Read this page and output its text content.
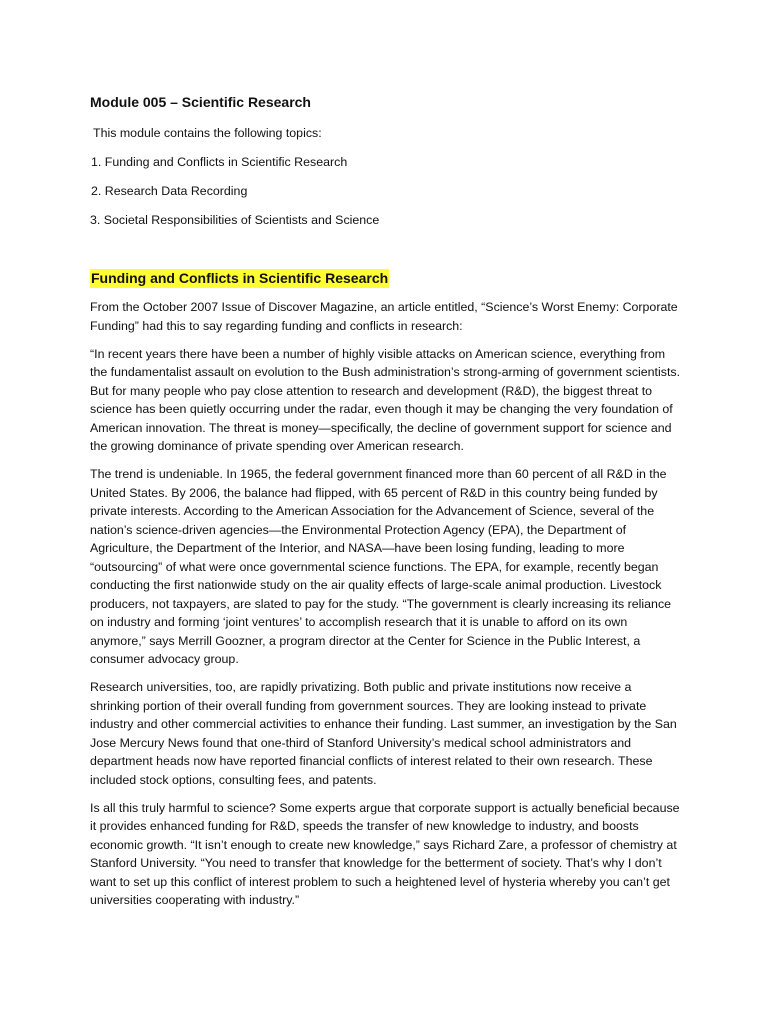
Module 005 – Scientific Research
This module contains the following topics:
1. Funding and Conflicts in Scientific Research
2. Research Data Recording
3. Societal Responsibilities of Scientists and Science
Funding and Conflicts in Scientific Research

From the October 2007 Issue of Discover Magazine, an article entitled, “Science’s Worst Enemy: Corporate Funding” had this to say regarding funding and conflicts in research:

“In recent years there have been a number of highly visible attacks on American science, everything from the fundamentalist assault on evolution to the Bush administration’s strong-arming of government scientists. But for many people who pay close attention to research and development (R&D), the biggest threat to science has been quietly occurring under the radar, even though it may be changing the very foundation of American innovation. The threat is money—specifically, the decline of government support for science and the growing dominance of private spending over American research.

The trend is undeniable. In 1965, the federal government financed more than 60 percent of all R&D in the United States. By 2006, the balance had flipped, with 65 percent of R&D in this country being funded by private interests. According to the American Association for the Advancement of Science, several of the nation’s science-driven agencies—the Environmental Protection Agency (EPA), the Department of Agriculture, the Department of the Interior, and NASA—have been losing funding, leading to more “outsourcing” of what were once governmental science functions. The EPA, for example, recently began conducting the first nationwide study on the air quality effects of large-scale animal production. Livestock producers, not taxpayers, are slated to pay for the study. “The government is clearly increasing its reliance on industry and forming ‘joint ventures’ to accomplish research that it is unable to afford on its own anymore,” says Merrill Goozner, a program director at the Center for Science in the Public Interest, a consumer advocacy group.

Research universities, too, are rapidly privatizing. Both public and private institutions now receive a shrinking portion of their overall funding from government sources. They are looking instead to private industry and other commercial activities to enhance their funding. Last summer, an investigation by the San Jose Mercury News found that one-third of Stanford University’s medical school administrators and department heads now have reported financial conflicts of interest related to their own research. These included stock options, consulting fees, and patents.

Is all this truly harmful to science? Some experts argue that corporate support is actually beneficial because it provides enhanced funding for R&D, speeds the transfer of new knowledge to industry, and boosts economic growth. “It isn’t enough to create new knowledge,” says Richard Zare, a professor of chemistry at Stanford University. “You need to transfer that knowledge for the betterment of society. That’s why I don’t want to set up this conflict of interest problem to such a heightened level of hysteria whereby you can’t get universities cooperating with industry.”
